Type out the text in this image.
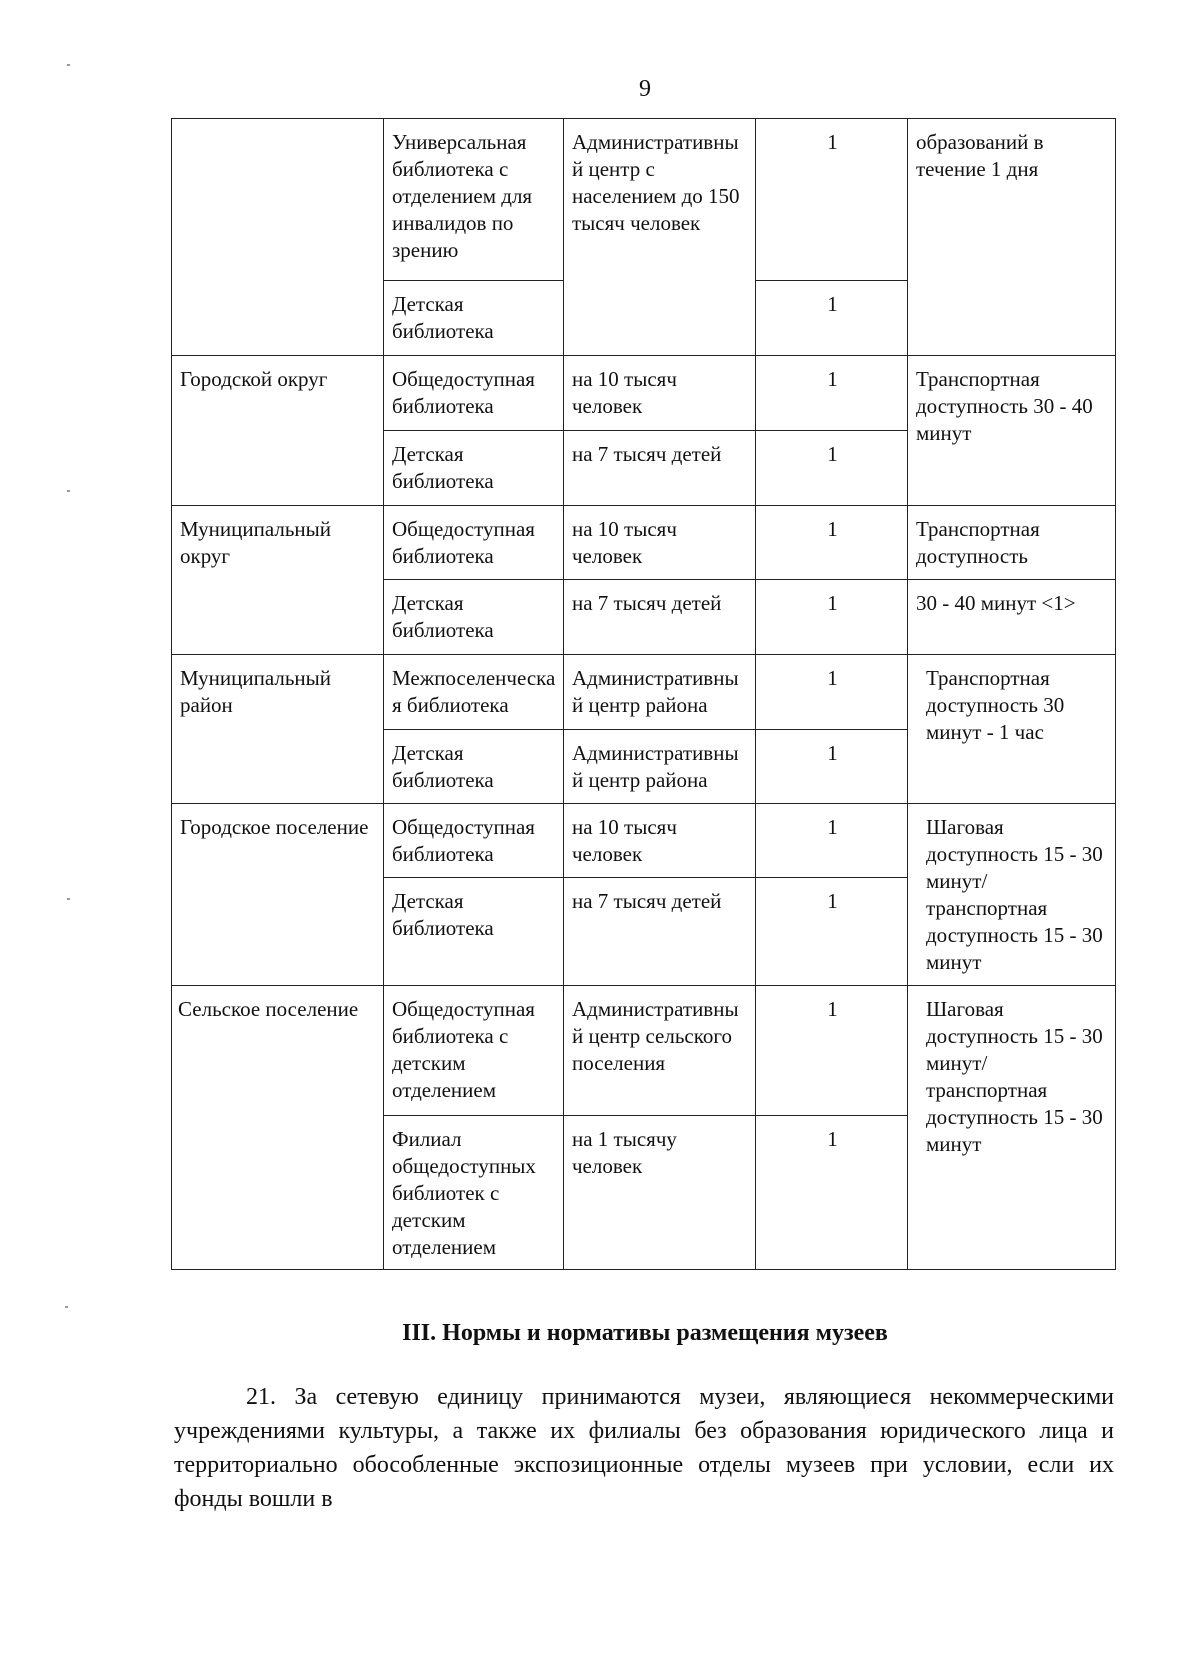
9
	Универсальная библиотека с отделением для инвалидов по зрению	Административный центр с населением до 150 тысяч человек	1	образований в течение 1 дня
	Детская библиотека		1	
Городской округ	Общедоступная библиотека	на 10 тысяч человек	1	Транспортная доступность 30 - 40 минут
	Детская библиотека	на 7 тысяч детей	1	
Муниципальный округ	Общедоступная библиотека	на 10 тысяч человек	1	Транспортная доступность
	Детская библиотека	на 7 тысяч детей	1	30 - 40 минут <1>
Муниципальный район	Межпоселенческая библиотека	Административный центр района	1	Транспортная доступность 30 минут - 1 час
	Детская библиотека	Административный центр района	1	
Городское поселение	Общедоступная библиотека	на 10 тысяч человек	1	Шаговая доступность 15 - 30 минут/ транспортная доступность 15 - 30 минут
	Детская библиотека	на 7 тысяч детей	1	
Сельское поселение	Общедоступная библиотека с детским отделением	Административный центр сельского поселения	1	Шаговая доступность 15 - 30 минут/ транспортная доступность 15 - 30 минут
	Филиал общедоступных библиотек с детским отделением	на 1 тысячу человек	1	
III. Нормы и нормативы размещения музеев
21. За сетевую единицу принимаются музеи, являющиеся некоммерческими учреждениями культуры, а также их филиалы без образования юридического лица и территориально обособленные экспозиционные отделы музеев при условии, если их фонды вошли в
